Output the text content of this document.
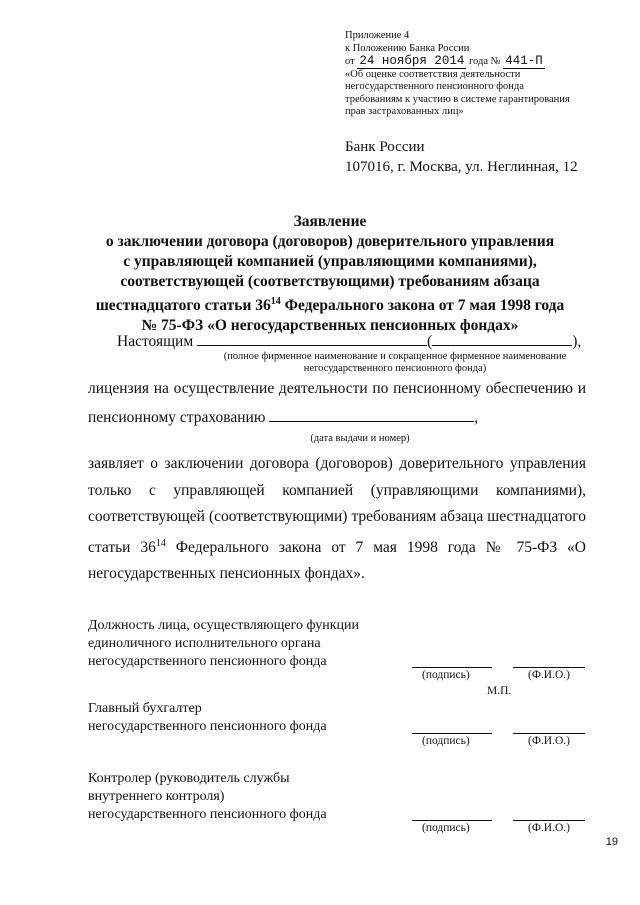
Приложение 4
к Положению Банка России
от 24 ноября 2014 года № 441-П
«Об оценке соответствия деятельности
негосударственного пенсионного фонда
требованиям к участию в системе гарантирования
прав застрахованных лиц»
Банк России
107016, г. Москва, ул. Неглинная, 12
Заявление
о заключении договора (договоров) доверительного управления
с управляющей компанией (управляющими компаниями),
соответствующей (соответствующими) требованиям абзаца
шестнадцатого статьи $36^{14}$ Федерального закона от 7 мая 1998 года
№ 75-ФЗ «О негосударственных пенсионных фондах»
Настоящим	(	),
(полное фирменное наименование и сокращенное фирменное наименование
негосударственного пенсионного фонда)
лицензия на осуществление деятельности по пенсионному обеспечению и
пенсионному страхованию	,
(дата выдачи и номер)
заявляет о заключении договора (договоров) доверительного управления
только с управляющей компанией (управляющими компаниями),
соответствующей (соответствующими) требованиям абзаца шестнадцатого
статьи $36^{14}$ Федерального закона от 7 мая 1998 года № 75-ФЗ «О
негосударственных пенсионных фондах».
Должность лица, осуществляющего функции
единоличного исполнительного органа
негосударственного пенсионного фонда
(подпись)	(Ф.И.О.)
М.П.
Главный бухгалтер
негосударственного пенсионного фонда
(подпись)	(Ф.И.О.)
Контролер (руководитель службы
внутреннего контроля)
негосударственного пенсионного фонда
(подпись)	(Ф.И.О.)
19
